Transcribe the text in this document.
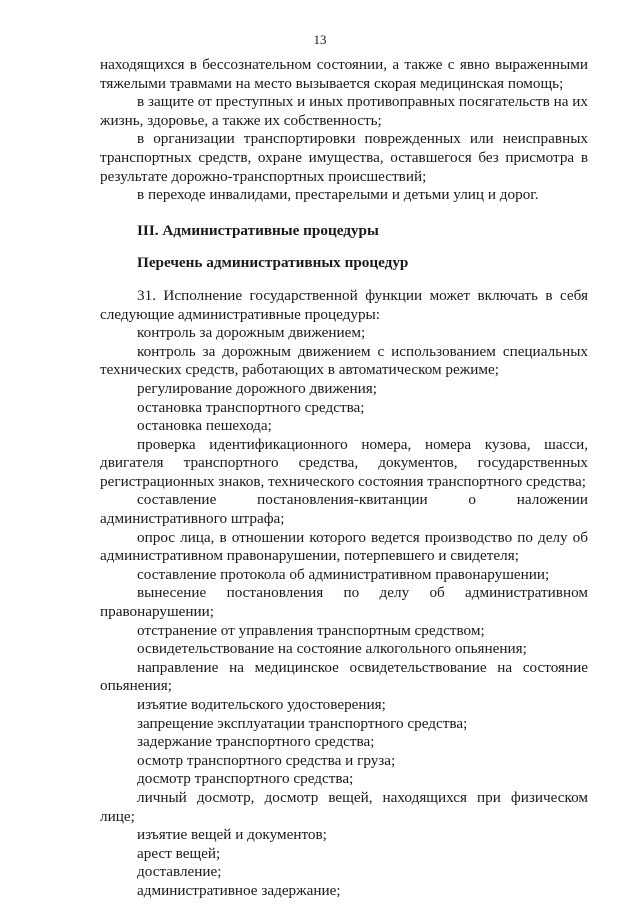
13

находящихся в бессознательном состоянии, а также с явно выраженными тяжелыми травмами на место вызывается скорая медицинская помощь;

в защите от преступных и иных противоправных посягательств на их жизнь, здоровье, а также их собственность;

в организации транспортировки поврежденных или неисправных транспортных средств, охране имущества, оставшегося без присмотра в результате дорожно-транспортных происшествий;

в переходе инвалидами, престарелыми и детьми улиц и дорог.

III. Административные процедуры

Перечень административных процедур

31. Исполнение государственной функции может включать в себя следующие административные процедуры:

контроль за дорожным движением;

контроль за дорожным движением с использованием специальных технических средств, работающих в автоматическом режиме;

регулирование дорожного движения;

остановка транспортного средства;

остановка пешехода;

проверка идентификационного номера, номера кузова, шасси, двигателя транспортного средства, документов, государственных регистрационных знаков, технического состояния транспортного средства;

составление постановления-квитанции о наложении административного штрафа;

опрос лица, в отношении которого ведется производство по делу об административном правонарушении, потерпевшего и свидетеля;

составление протокола об административном правонарушении;

вынесение постановления по делу об административном правонарушении;

отстранение от управления транспортным средством;

освидетельствование на состояние алкогольного опьянения;

направление на медицинское освидетельствование на состояние опьянения;

изъятие водительского удостоверения;

запрещение эксплуатации транспортного средства;

задержание транспортного средства;

осмотр транспортного средства и груза;

досмотр транспортного средства;

личный досмотр, досмотр вещей, находящихся при физическом лице;

изъятие вещей и документов;

арест вещей;

доставление;

административное задержание;
